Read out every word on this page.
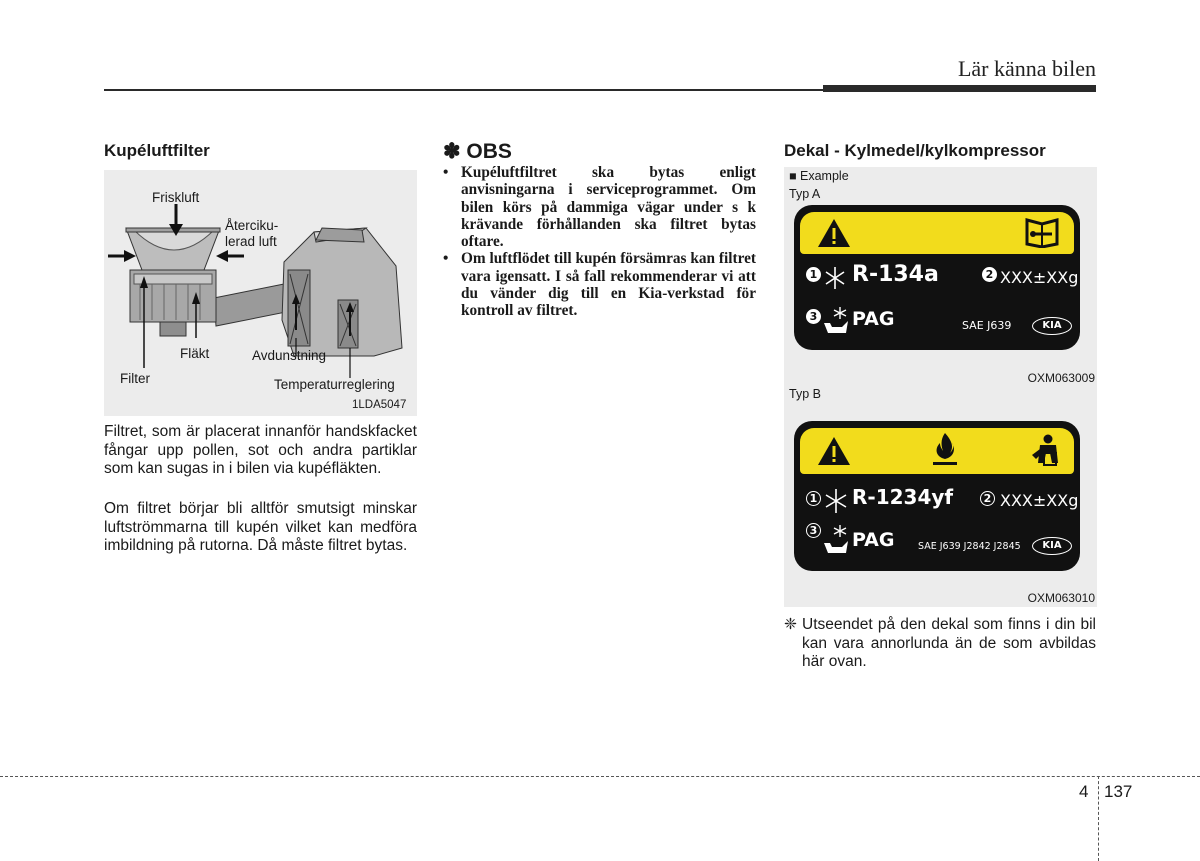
Lär känna bilen
Kupéluftfilter
Friskluft
Återciku-
lerad luft
Fläkt	Avdunstning
Filter	Temperaturreglering
1LDA5047
Filtret, som är placerat innanför handskfacket fångar upp pollen, sot och andra partiklar som kan sugas in i bilen via kupéfläkten.
Om filtret börjar bli alltför smutsigt minskar luftströmmarna till kupén vilket kan medföra imbildning på rutorna. Då måste filtret bytas.
✽ OBS
• Kupéluftfiltret ska bytas enligt anvisningarna i serviceprogrammet. Om bilen körs på dammiga vägar under s k krävande förhållanden ska filtret bytas oftare.
• Om luftflödet till kupén försämras kan filtret vara igensatt. I så fall rekommenderar vi att du vänder dig till en Kia-verkstad för kontroll av filtret.
Dekal - Kylmedel/kylkompressor
■ Example
Typ A
1 R-134a	2 XXX±XXg
3 PAG	SAE J639	KIA
OXM063009
Typ B
1 R-1234yf	2 XXX±XXg
3 PAG SAE J639 J2842 J2845	KIA
OXM063010
❈ Utseendet på den dekal som finns i din bil kan vara annorlunda än de som avbildas här ovan.
4 137
